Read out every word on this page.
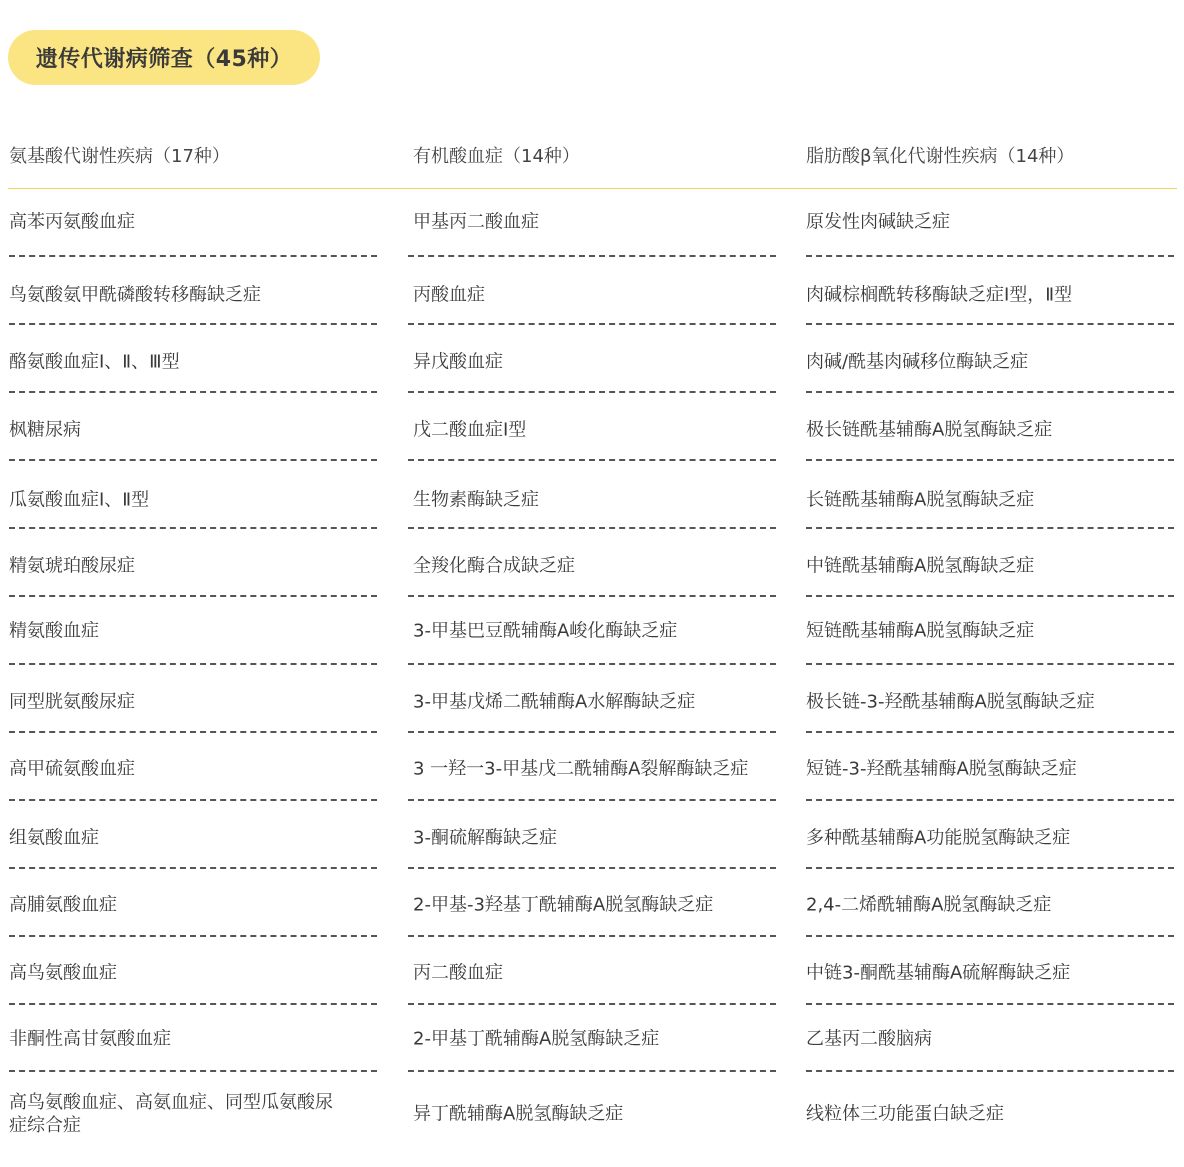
遗传代谢病筛查（45种）
氨基酸代谢性疾病（17种）	有机酸血症（14种）	脂肪酸β氧化代谢性疾病（14种）
高苯丙氨酸血症
鸟氨酸氨甲酰磷酸转移酶缺乏症
酪氨酸血症Ⅰ、Ⅱ、Ⅲ型
枫糖尿病
瓜氨酸血症Ⅰ、Ⅱ型
精氨琥珀酸尿症
精氨酸血症
同型胱氨酸尿症
高甲硫氨酸血症
组氨酸血症
高脯氨酸血症
高鸟氨酸血症
非酮性高甘氨酸血症
高鸟氨酸血症、高氨血症、同型瓜氨酸尿症综合症
甲基丙二酸血症
丙酸血症
异戊酸血症
戊二酸血症Ⅰ型
生物素酶缺乏症
全羧化酶合成缺乏症
3-甲基巴豆酰辅酶A峻化酶缺乏症
3-甲基戊烯二酰辅酶A水解酶缺乏症
3 一羟一3-甲基戊二酰辅酶A裂解酶缺乏症
3-酮硫解酶缺乏症
2-甲基-3羟基丁酰辅酶A脱氢酶缺乏症
丙二酸血症
2-甲基丁酰辅酶A脱氢酶缺乏症
异丁酰辅酶A脱氢酶缺乏症
原发性肉碱缺乏症
肉碱棕榈酰转移酶缺乏症Ⅰ型，Ⅱ型
肉碱/酰基肉碱移位酶缺乏症
极长链酰基辅酶A脱氢酶缺乏症
长链酰基辅酶A脱氢酶缺乏症
中链酰基辅酶A脱氢酶缺乏症
短链酰基辅酶A脱氢酶缺乏症
极长链-3-羟酰基辅酶A脱氢酶缺乏症
短链-3-羟酰基辅酶A脱氢酶缺乏症
多种酰基辅酶A功能脱氢酶缺乏症
2,4-二烯酰辅酶A脱氢酶缺乏症
中链3-酮酰基辅酶A硫解酶缺乏症
乙基丙二酸脑病
线粒体三功能蛋白缺乏症
